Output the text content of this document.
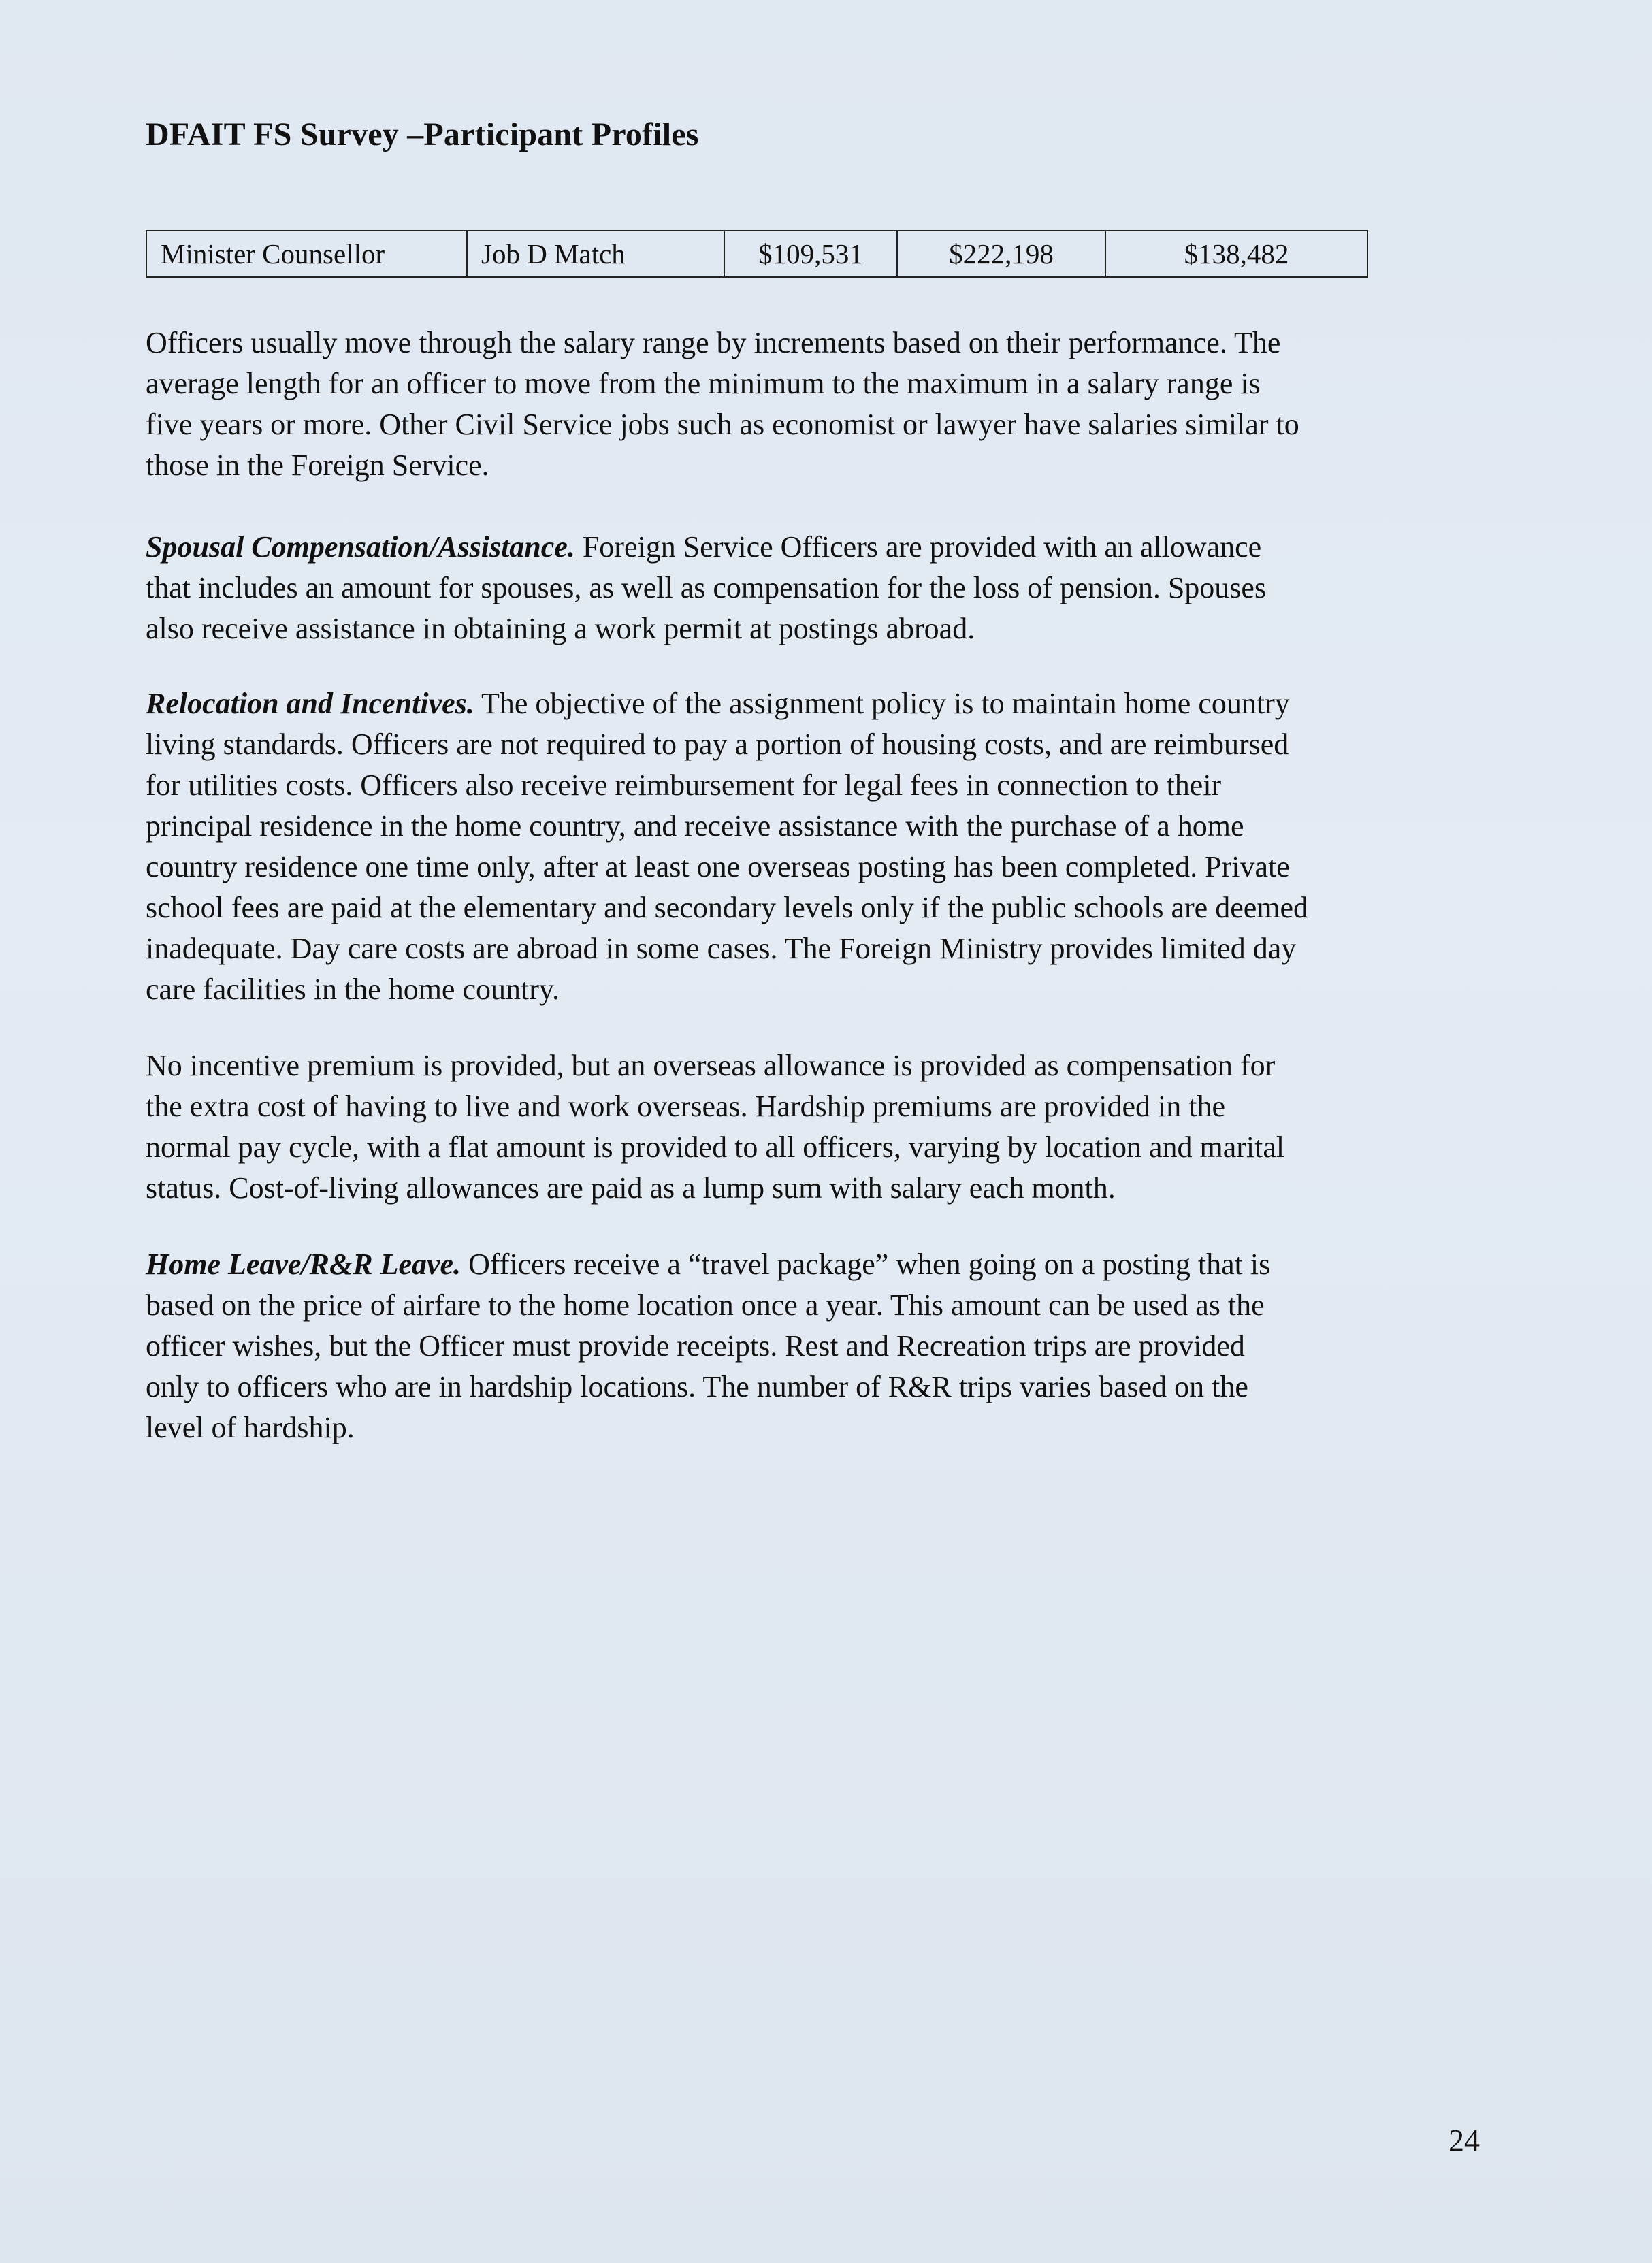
DFAIT FS Survey –Participant Profiles
Minister Counsellor	Job D Match	$109,531	$222,198	$138,482
Officers usually move through the salary range by increments based on their performance. The
average length for an officer to move from the minimum to the maximum in a salary range is
five years or more. Other Civil Service jobs such as economist or lawyer have salaries similar to
those in the Foreign Service.
Spousal Compensation/Assistance. Foreign Service Officers are provided with an allowance
that includes an amount for spouses, as well as compensation for the loss of pension. Spouses
also receive assistance in obtaining a work permit at postings abroad.
Relocation and Incentives. The objective of the assignment policy is to maintain home country
living standards. Officers are not required to pay a portion of housing costs, and are reimbursed
for utilities costs. Officers also receive reimbursement for legal fees in connection to their
principal residence in the home country, and receive assistance with the purchase of a home
country residence one time only, after at least one overseas posting has been completed. Private
school fees are paid at the elementary and secondary levels only if the public schools are deemed
inadequate. Day care costs are abroad in some cases. The Foreign Ministry provides limited day
care facilities in the home country.
No incentive premium is provided, but an overseas allowance is provided as compensation for
the extra cost of having to live and work overseas. Hardship premiums are provided in the
normal pay cycle, with a flat amount is provided to all officers, varying by location and marital
status. Cost-of-living allowances are paid as a lump sum with salary each month.
Home Leave/R&R Leave. Officers receive a “travel package” when going on a posting that is
based on the price of airfare to the home location once a year. This amount can be used as the
officer wishes, but the Officer must provide receipts. Rest and Recreation trips are provided
only to officers who are in hardship locations. The number of R&R trips varies based on the
level of hardship.
24
